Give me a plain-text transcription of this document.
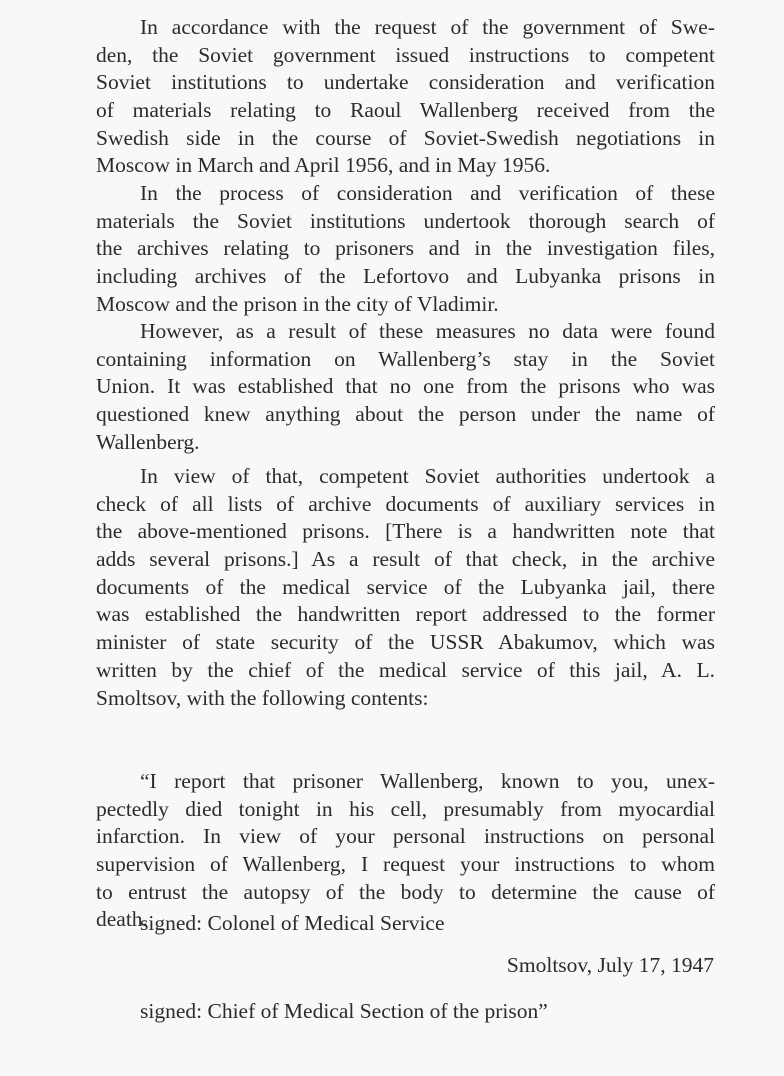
In accordance with the request of the government of Swe-
den, the Soviet government issued instructions to competent
Soviet institutions to undertake consideration and verification
of materials relating to Raoul Wallenberg received from the
Swedish side in the course of Soviet-Swedish negotiations in
Moscow in March and April 1956, and in May 1956.
In the process of consideration and verification of these
materials the Soviet institutions undertook thorough search of
the archives relating to prisoners and in the investigation files,
including archives of the Lefortovo and Lubyanka prisons in
Moscow and the prison in the city of Vladimir.
However, as a result of these measures no data were found
containing information on Wallenberg’s stay in the Soviet
Union. It was established that no one from the prisons who was
questioned knew anything about the person under the name of
Wallenberg.
In view of that, competent Soviet authorities undertook a
check of all lists of archive documents of auxiliary services in
the above-mentioned prisons. [There is a handwritten note that
adds several prisons.] As a result of that check, in the archive
documents of the medical service of the Lubyanka jail, there
was established the handwritten report addressed to the former
minister of state security of the USSR Abakumov, which was
written by the chief of the medical service of this jail, A. L.
Smoltsov, with the following contents:
“I report that prisoner Wallenberg, known to you, unex-
pectedly died tonight in his cell, presumably from myocardial
infarction. In view of your personal instructions on personal
supervision of Wallenberg, I request your instructions to whom
to entrust the autopsy of the body to determine the cause of
death.
signed: Colonel of Medical Service
Smoltsov, July 17, 1947
signed: Chief of Medical Section of the prison”
